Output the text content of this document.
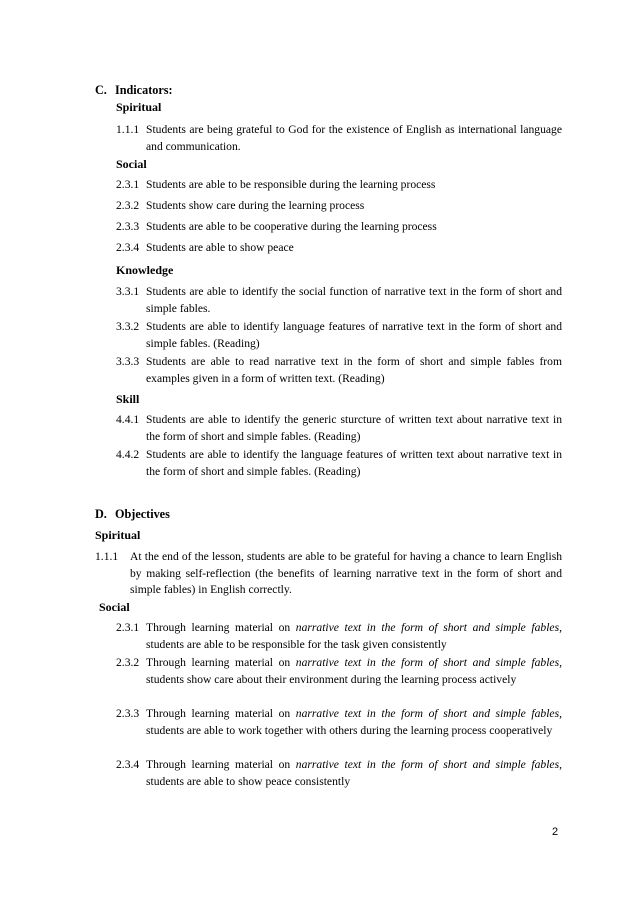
C. Indicators:
Spiritual
1.1.1 Students are being grateful to God for the existence of English as international language and communication.
Social
2.3.1 Students are able to be responsible during the learning process
2.3.2 Students show care during the learning process
2.3.3 Students are able to be cooperative during the learning process
2.3.4 Students are able to show peace
Knowledge
3.3.1 Students are able to identify the social function of narrative text in the form of short and simple fables.
3.3.2 Students are able to identify language features of narrative text in the form of short and simple fables. (Reading)
3.3.3 Students are able to read narrative text in the form of short and simple fables from examples given in a form of written text. (Reading)
Skill
4.4.1 Students are able to identify the generic sturcture of written text about narrative text in the form of short and simple fables. (Reading)
4.4.2 Students are able to identify the language features of written text about narrative text in the form of short and simple fables. (Reading)
D. Objectives
Spiritual
1.1.1 At the end of the lesson, students are able to be grateful for having a chance to learn English by making self-reflection (the benefits of learning narrative text in the form of short and simple fables) in English correctly.
Social
2.3.1 Through learning material on narrative text in the form of short and simple fables, students are able to be responsible for the task given consistently
2.3.2 Through learning material on narrative text in the form of short and simple fables, students show care about their environment during the learning process actively
2.3.3 Through learning material on narrative text in the form of short and simple fables, students are able to work together with others during the learning process cooperatively
2.3.4 Through learning material on narrative text in the form of short and simple fables, students are able to show peace consistently
2
